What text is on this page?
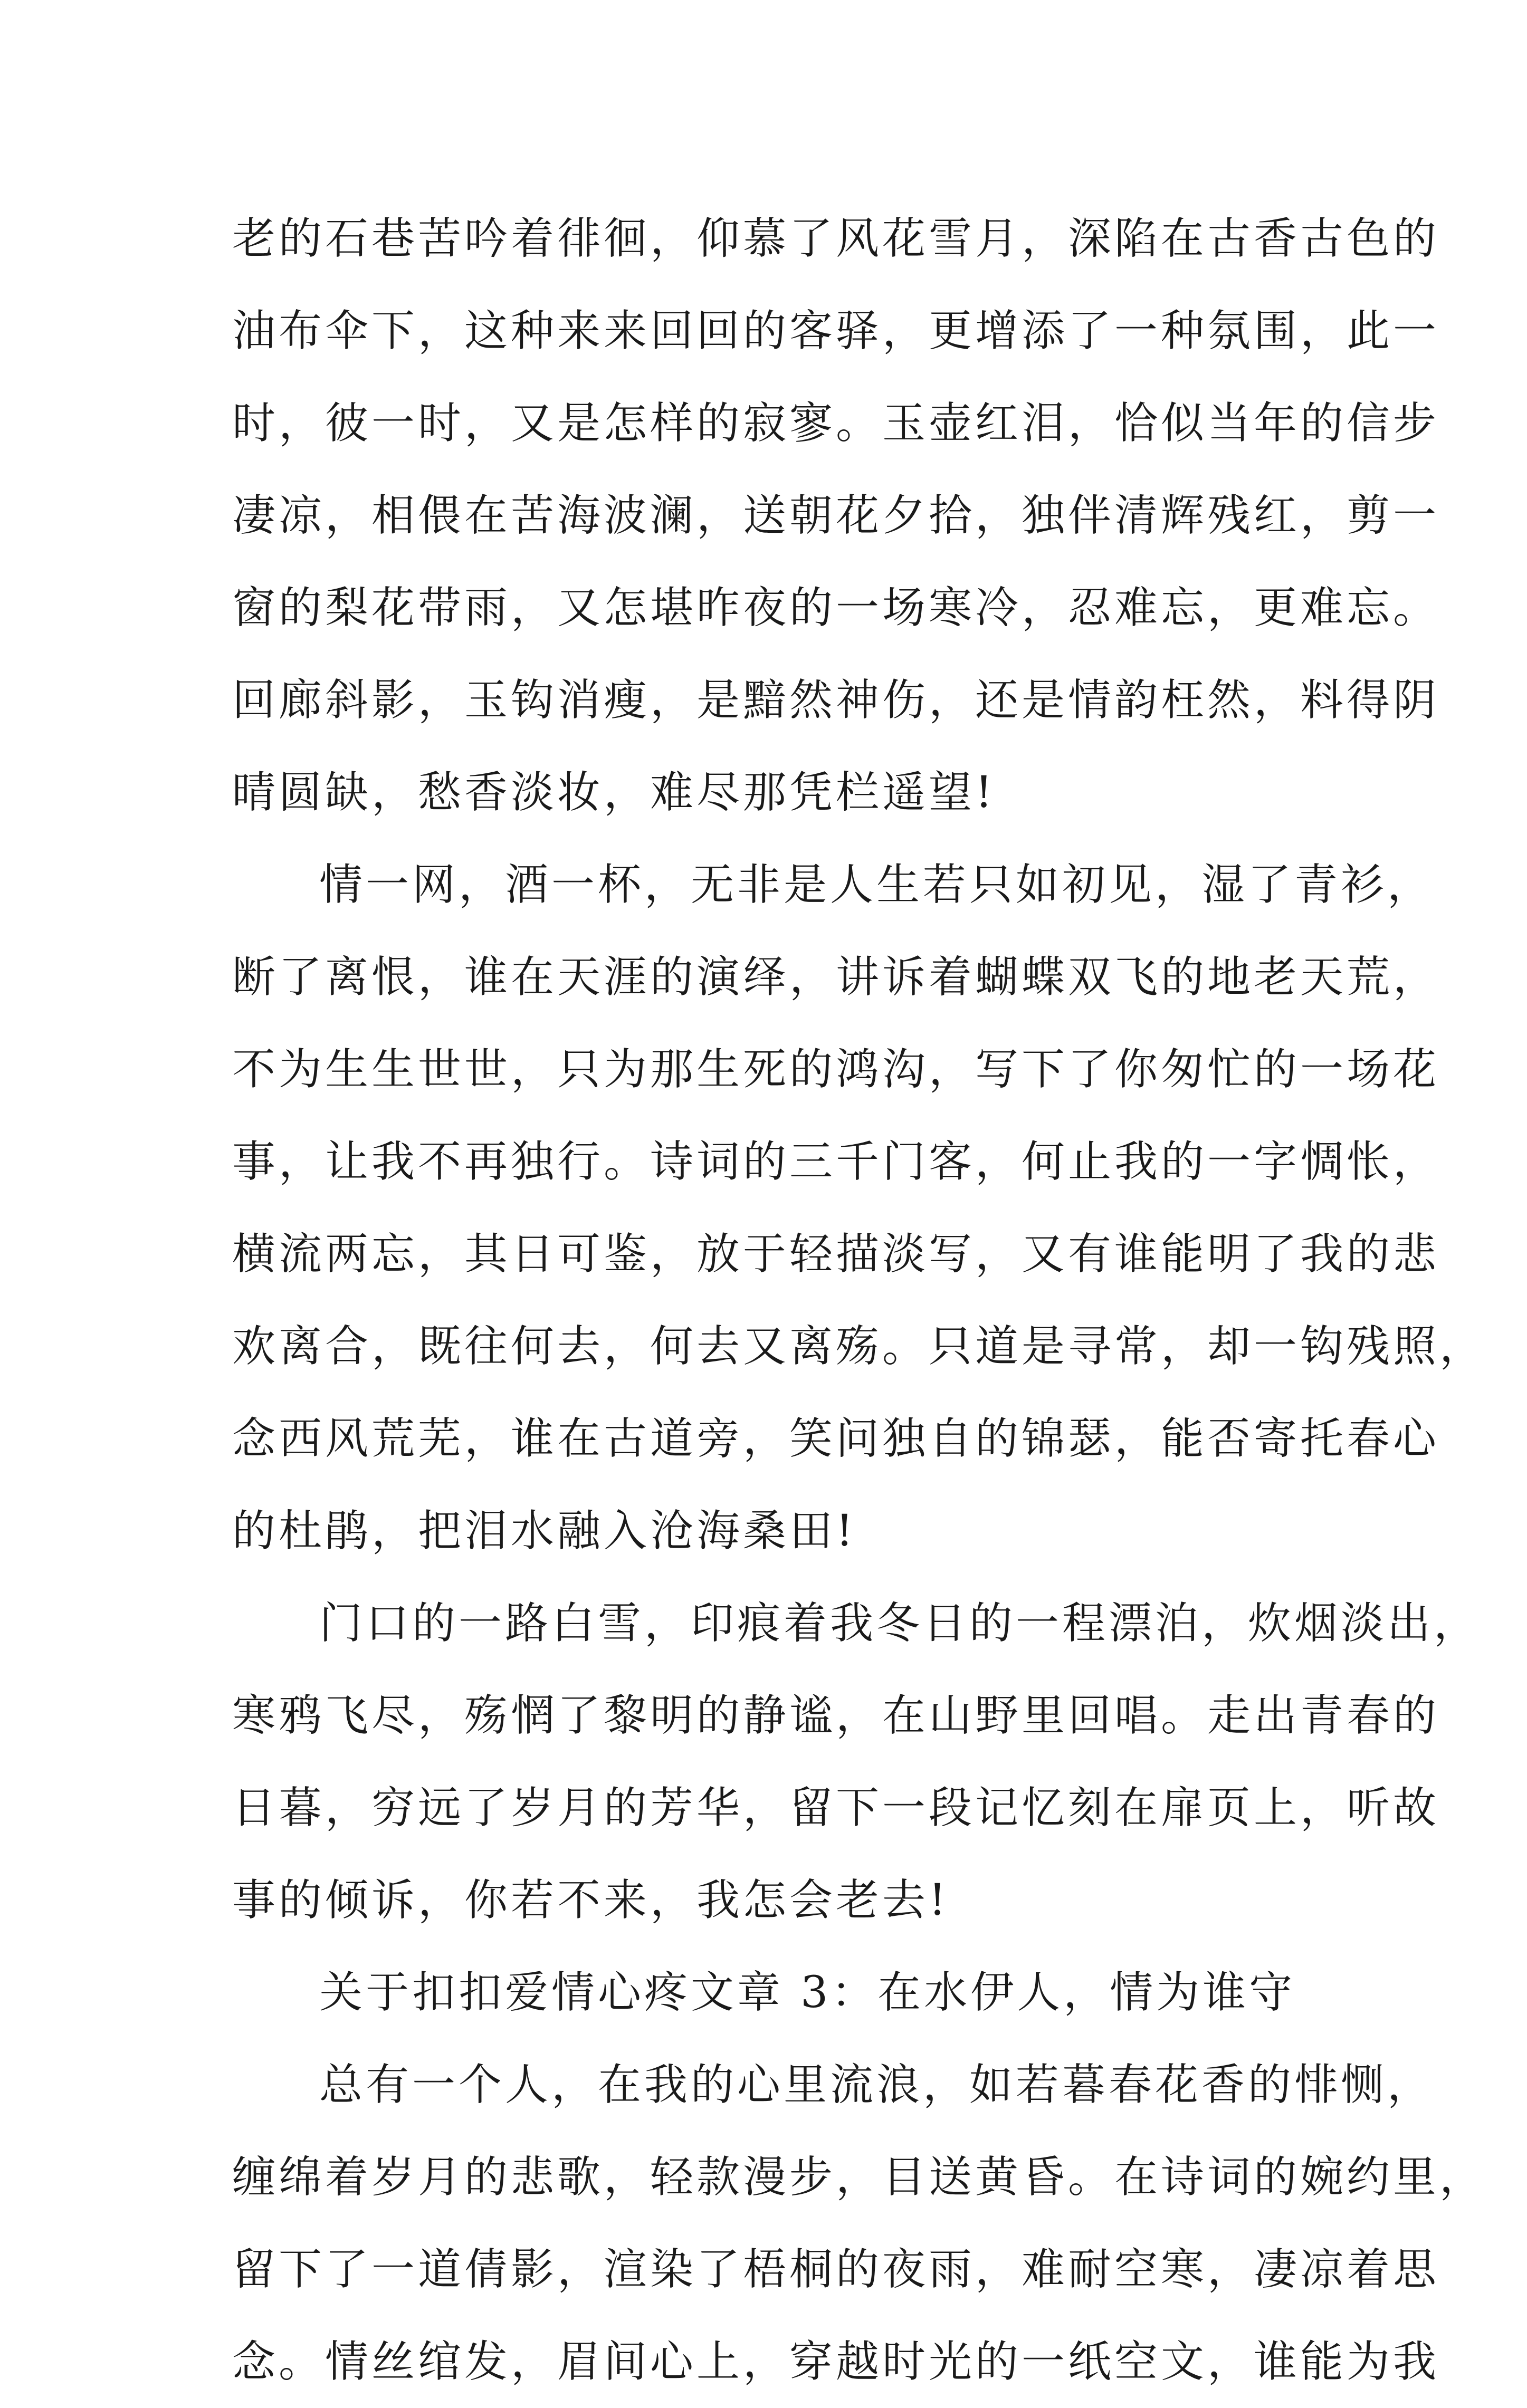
老的石巷苦吟着徘徊，仰慕了风花雪月，深陷在古香古色的
油布伞下，这种来来回回的客驿，更增添了一种氛围，此一
时，彼一时，又是怎样的寂寥。玉壶红泪，恰似当年的信步
凄凉，相偎在苦海波澜，送朝花夕拾，独伴清辉残红，剪一
窗的梨花带雨，又怎堪昨夜的一场寒冷，忍难忘，更难忘。
回廊斜影，玉钩消瘦，是黯然神伤，还是情韵枉然，料得阴
晴圆缺，愁香淡妆，难尽那凭栏遥望!
情一网，酒一杯，无非是人生若只如初见，湿了青衫，
断了离恨，谁在天涯的演绎，讲诉着蝴蝶双飞的地老天荒，
不为生生世世，只为那生死的鸿沟，写下了你匆忙的一场花
事，让我不再独行。诗词的三千门客，何止我的一字惆怅，
横流两忘，其日可鉴，放于轻描淡写，又有谁能明了我的悲
欢离合，既往何去，何去又离殇。只道是寻常，却一钩残照，
念西风荒芜，谁在古道旁，笑问独自的锦瑟，能否寄托春心
的杜鹃，把泪水融入沧海桑田!
门口的一路白雪，印痕着我冬日的一程漂泊，炊烟淡出，
寒鸦飞尽，殇惘了黎明的静谧，在山野里回唱。走出青春的
日暮，穷远了岁月的芳华，留下一段记忆刻在扉页上，听故
事的倾诉，你若不来，我怎会老去!
关于扣扣爱情心疼文章 3：在水伊人，情为谁守
总有一个人，在我的心里流浪，如若暮春花香的悱恻，
缠绵着岁月的悲歌，轻款漫步，目送黄昏。在诗词的婉约里，
留下了一道倩影，渲染了梧桐的夜雨，难耐空寒，凄凉着思
念。情丝绾发，眉间心上，穿越时光的一纸空文，谁能为我
